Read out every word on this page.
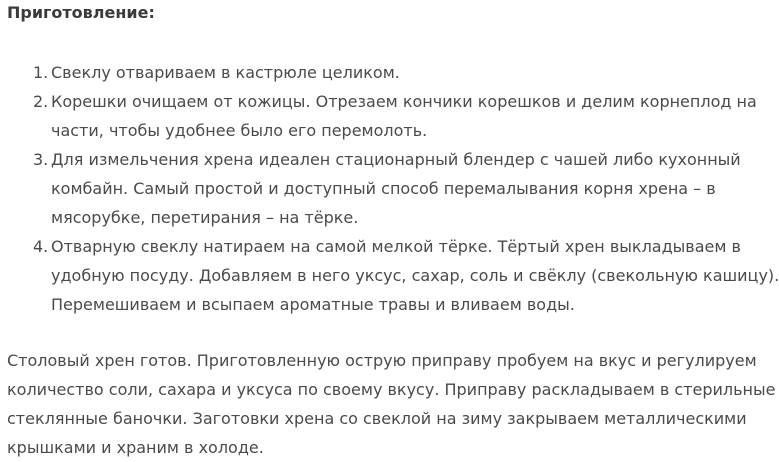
Приготовление:
1. Свеклу отвариваем в кастрюле целиком.
2. Корешки очищаем от кожицы. Отрезаем кончики корешков и делим корнеплод на
части, чтобы удобнее было его перемолоть.
3. Для измельчения хрена идеален стационарный блендер с чашей либо кухонный
комбайн. Самый простой и доступный способ перемалывания корня хрена – в
мясорубке, перетирания – на тёрке.
4. Отварную свеклу натираем на самой мелкой тёрке. Тёртый хрен выкладываем в
удобную посуду. Добавляем в него уксус, сахар, соль и свёклу (свекольную кашицу).
Перемешиваем и всыпаем ароматные травы и вливаем воды.

Столовый хрен готов. Приготовленную острую приправу пробуем на вкус и регулируем
количество соли, сахара и уксуса по своему вкусу. Приправу раскладываем в стерильные
стеклянные баночки. Заготовки хрена со свеклой на зиму закрываем металлическими
крышками и храним в холоде.
